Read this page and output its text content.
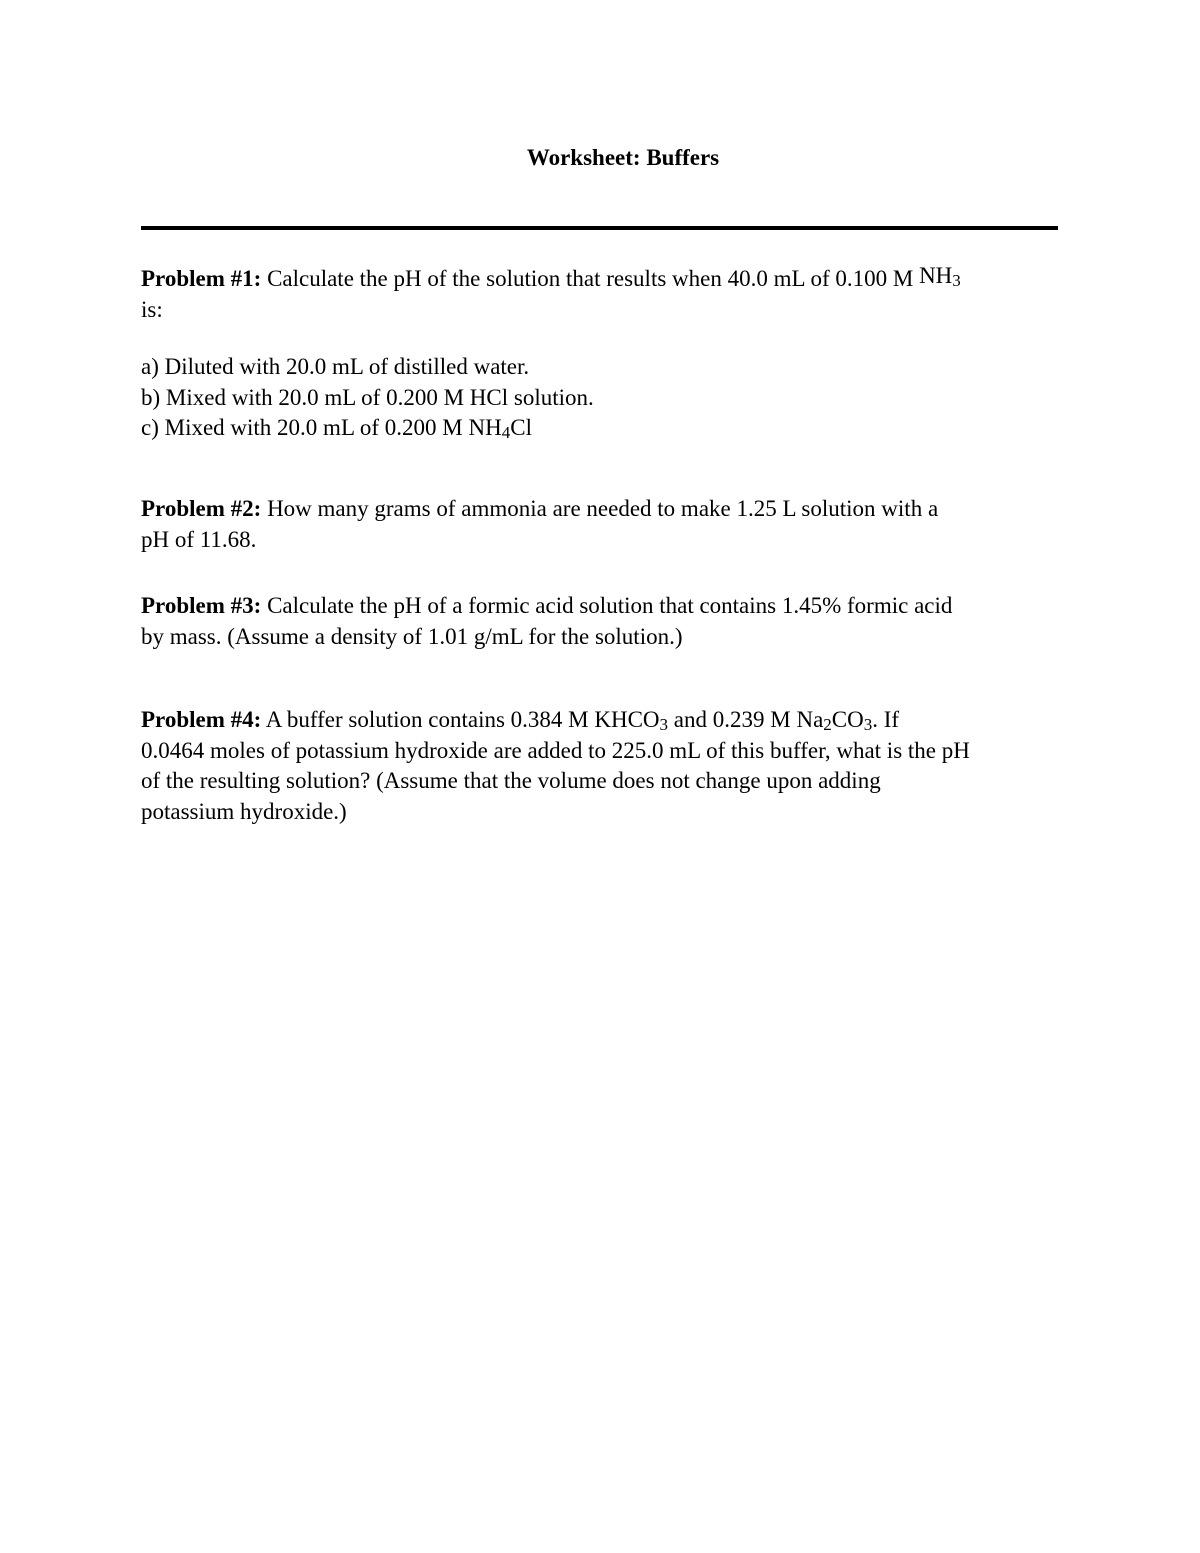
Worksheet: Buffers
Problem #1: Calculate the pH of the solution that results when 40.0 mL of 0.100 M $NH_3$
is:
a) Diluted with 20.0 mL of distilled water.
b) Mixed with 20.0 mL of 0.200 M HCl solution.
c) Mixed with 20.0 mL of 0.200 M $NH_4Cl$
Problem #2: How many grams of ammonia are needed to make 1.25 L solution with a
pH of 11.68.
Problem #3: Calculate the pH of a formic acid solution that contains 1.45% formic acid
by mass. (Assume a density of 1.01 g/mL for the solution.)
Problem #4: A buffer solution contains 0.384 M $KHCO_3$ and 0.239 M $Na_2CO_3$. If
0.0464 moles of potassium hydroxide are added to 225.0 mL of this buffer, what is the pH
of the resulting solution? (Assume that the volume does not change upon adding
potassium hydroxide.)
